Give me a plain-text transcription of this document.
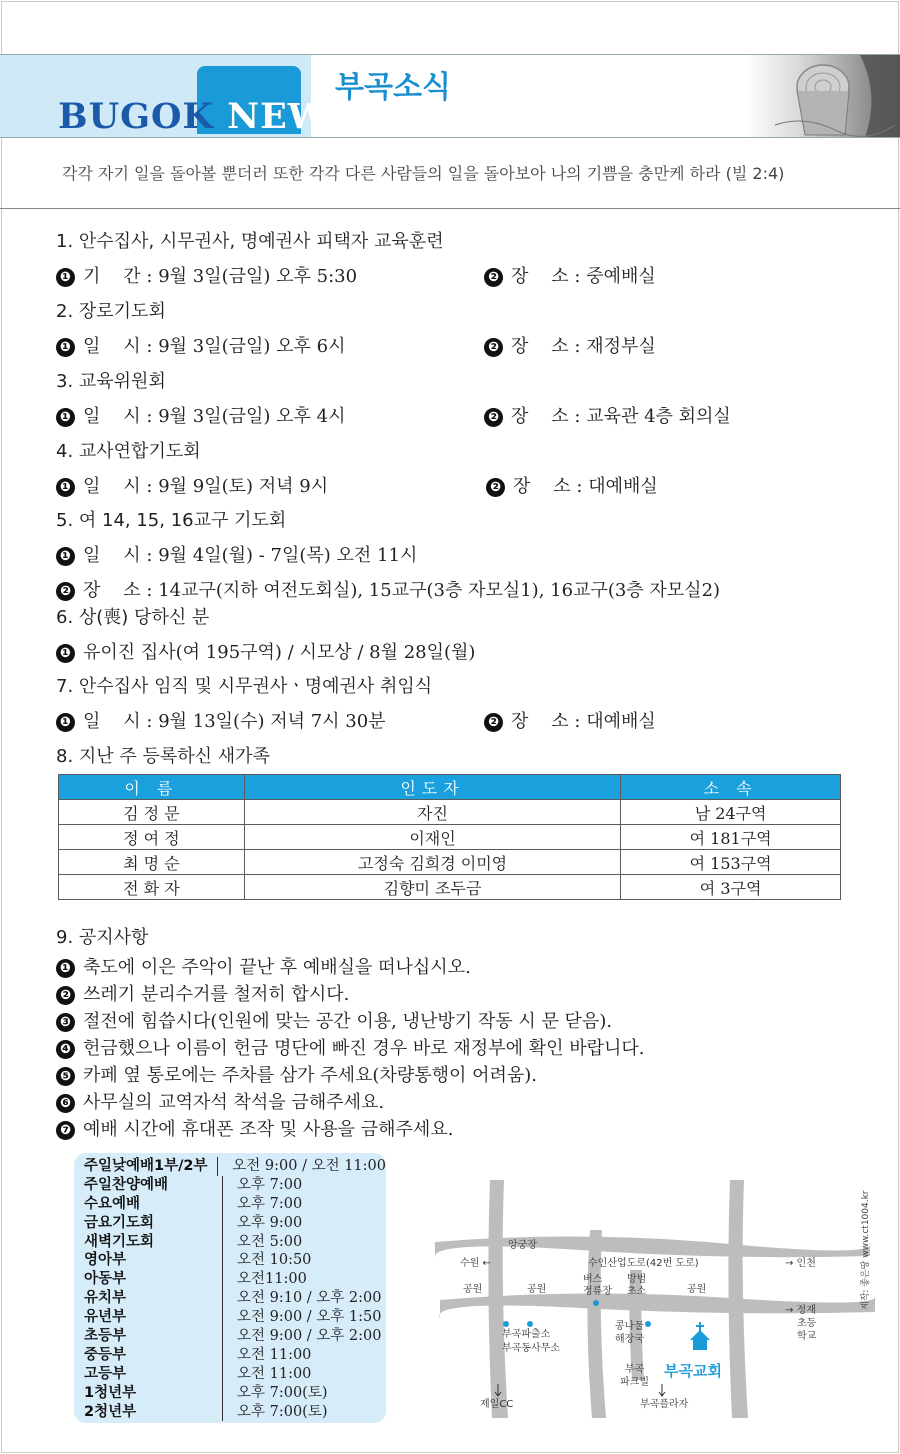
BUGOK NEWS
부곡소식
각각 자기 일을 돌아볼 뿐더러 또한 각각 다른 사람들의 일을 돌아보아 나의 기쁨을 충만케 하라 (빌 2:4)
1. 안수집사, 시무권사, 명예권사 피택자 교육훈련
❶ 기    간 : 9월 3일(금일) 오후 5:30	❷ 장    소 : 중예배실
2. 장로기도회
❶ 일    시 : 9월 3일(금일) 오후 6시	❷ 장    소 : 재정부실
3. 교육위원회
❶ 일    시 : 9월 3일(금일) 오후 4시	❷ 장    소 : 교육관 4층 회의실
4. 교사연합기도회
❶ 일    시 : 9월 9일(토) 저녁 9시	❷ 장    소 : 대예배실
5. 여 14, 15, 16교구 기도회
❶ 일    시 : 9월 4일(월) - 7일(목) 오전 11시
❷ 장    소 : 14교구(지하 여전도회실), 15교구(3층 자모실1), 16교구(3층 자모실2)
6. 상(喪) 당하신 분
❶ 유이진 집사(여 195구역) / 시모상 / 8월 28일(월)
7. 안수집사 임직 및 시무권사ㆍ명예권사 취임식
❶ 일    시 : 9월 13일(수) 저녁 7시 30분	❷ 장    소 : 대예배실
8. 지난 주 등록하신 새가족
이 름	인도자	소 속
김 정 문	자진	남 24구역
정 여 정	이재인	여 181구역
최 명 순	고정숙 김희경 이미영	여 153구역
전 화 자	김향미 조두금	여 3구역
9. 공지사항
❶ 축도에 이은 주악이 끝난 후 예배실을 떠나십시오.
❷ 쓰레기 분리수거를 철저히 합시다.
❸ 절전에 힘씁시다(인원에 맞는 공간 이용, 냉난방기 작동 시 문 닫음).
❹ 헌금했으나 이름이 헌금 명단에 빠진 경우 바로 재정부에 확인 바랍니다.
❺ 카페 옆 통로에는 주차를 삼가 주세요(차량통행이 어려움).
❻ 사무실의 교역자석 착석을 금해주세요.
❼ 예배 시간에 휴대폰 조작 및 사용을 금해주세요.
주일낮예배1부/2부	오전 9:00 / 오전 11:00
주일찬양예배	오후 7:00
수요예배	오후 7:00
금요기도회	오후 9:00
새벽기도회	오전 5:00
영아부	오전 10:50
아동부	오전11:00
유치부	오전 9:10 / 오후 2:00
유년부	오전 9:00 / 오후 1:50
초등부	오전 9:00 / 오후 2:00
중등부	오전 11:00
고등부	오전 11:00
1청년부	오후 7:00(토)
2청년부	오후 7:00(토)
앙궁장
수원 ←	수인산업도로(42번 도로)	→ 인천
공원	공원
버스
정류장
방범
초소	공원
→ 정재
초등
학교
부곡파출소
부곡동사무소
콩나물
해장국
부곡
파크빌
제일CC	부곡플라자
부곡교회
제작: 좋은땅 www.ct1004.kr
